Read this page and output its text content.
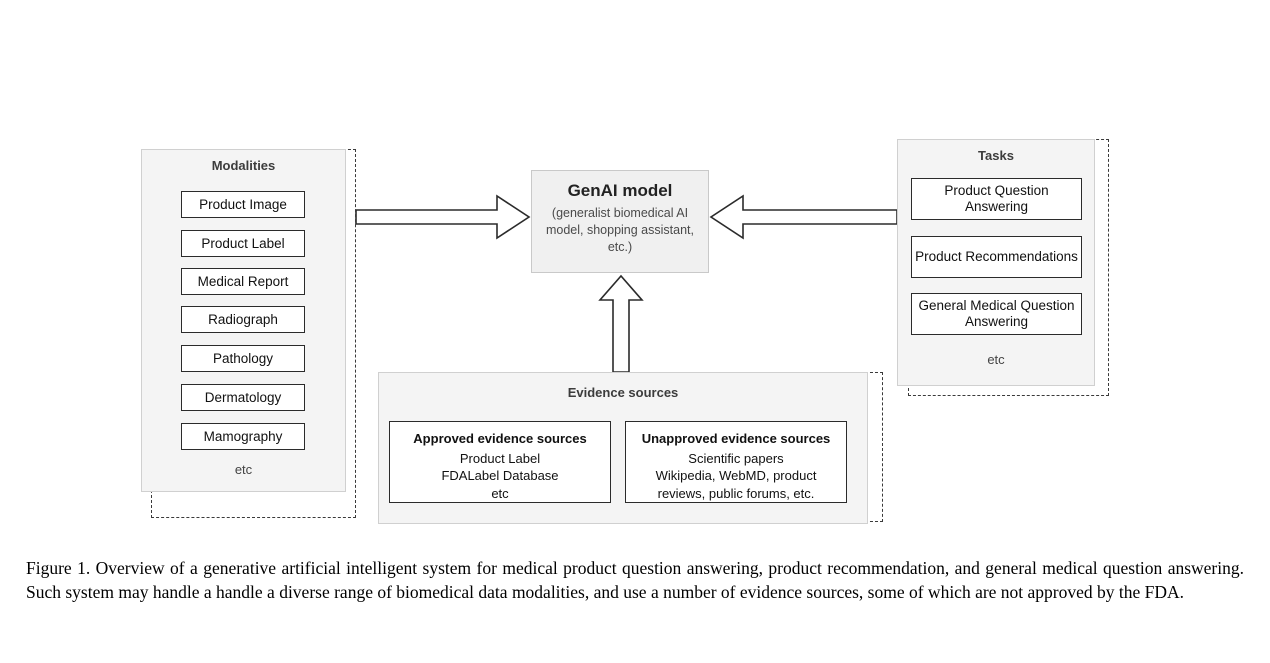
Modalities
Product Image
Product Label
Medical Report
Radiograph
Pathology
Dermatology
Mamography
etc
GenAI model
(generalist biomedical AI model, shopping assistant, etc.)
Tasks
Product Question Answering
Product Recommendations
General Medical Question Answering
etc
Evidence sources
Approved evidence sources
Product Label
FDALabel Database
etc
Unapproved evidence sources
Scientific papers
Wikipedia, WebMD, product
reviews, public forums, etc.
Figure 1. Overview of a generative artificial intelligent system for medical product question answering, product recommendation, and general medical question answering. Such system may handle a handle a diverse range of biomedical data modalities, and use a number of evidence sources, some of which are not approved by the FDA.
